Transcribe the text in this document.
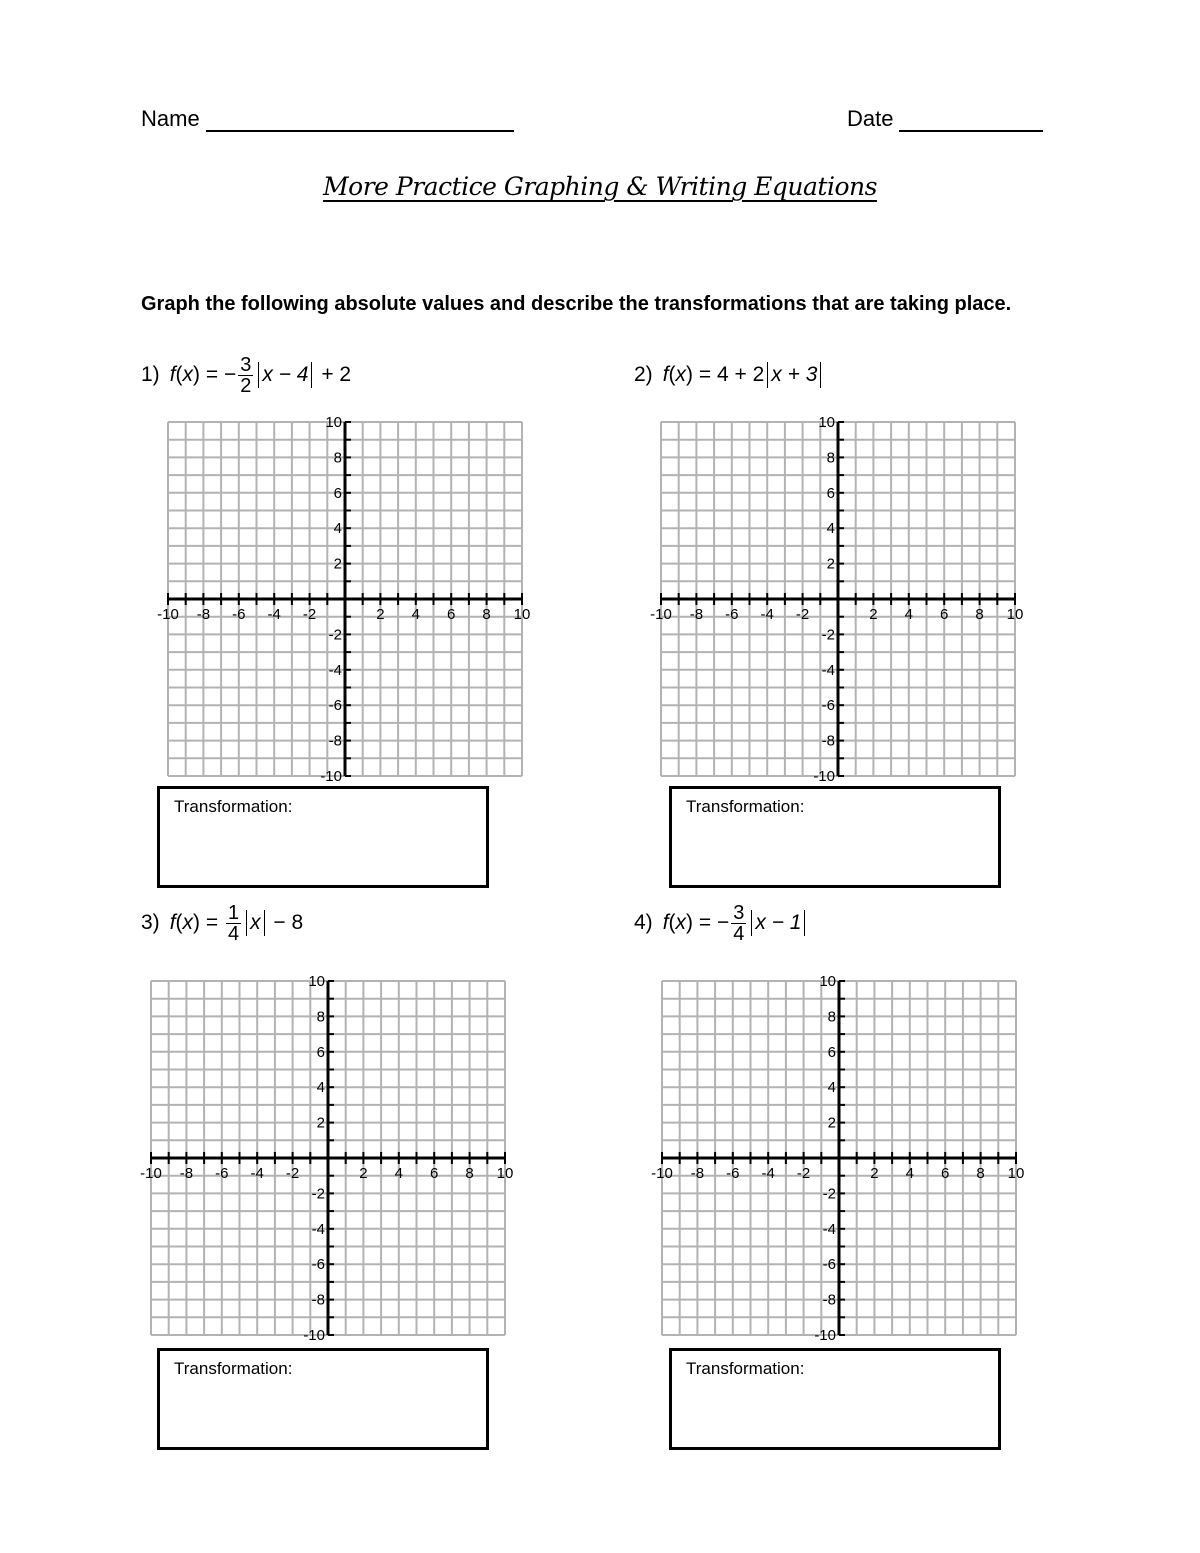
Name	Date
More Practice Graphing & Writing Equations
Graph the following absolute values and describe the transformations that are taking place.
1) f ( x ) = − $\frac{3}{2}$ x − 4 + 2	2) f ( x ) = 4 + 2 x + 3
3) f ( x ) = $\frac{1}{4}$ x − 8	4) f ( x ) = − $\frac{3}{4}$ x − 1
-10 -8 -6 -4 -2	2 4 6 8 10
10
8
6
4
2
-2
-4
-6
-8
-10
-10 -8 -6 -4 -2	2 4 6 8 10
10
8
6
4
2
-2
-4
-6
-8
-10
-10 -8 -6 -4 -2	2 4 6 8 10
10
8
6
4
2
-2
-4
-6
-8
-10
-10 -8 -6 -4 -2	2 4 6 8 10
10
8
6
4
2
-2
-4
-6
-8
-10
Transformation:	Transformation:
Transformation:	Transformation:
